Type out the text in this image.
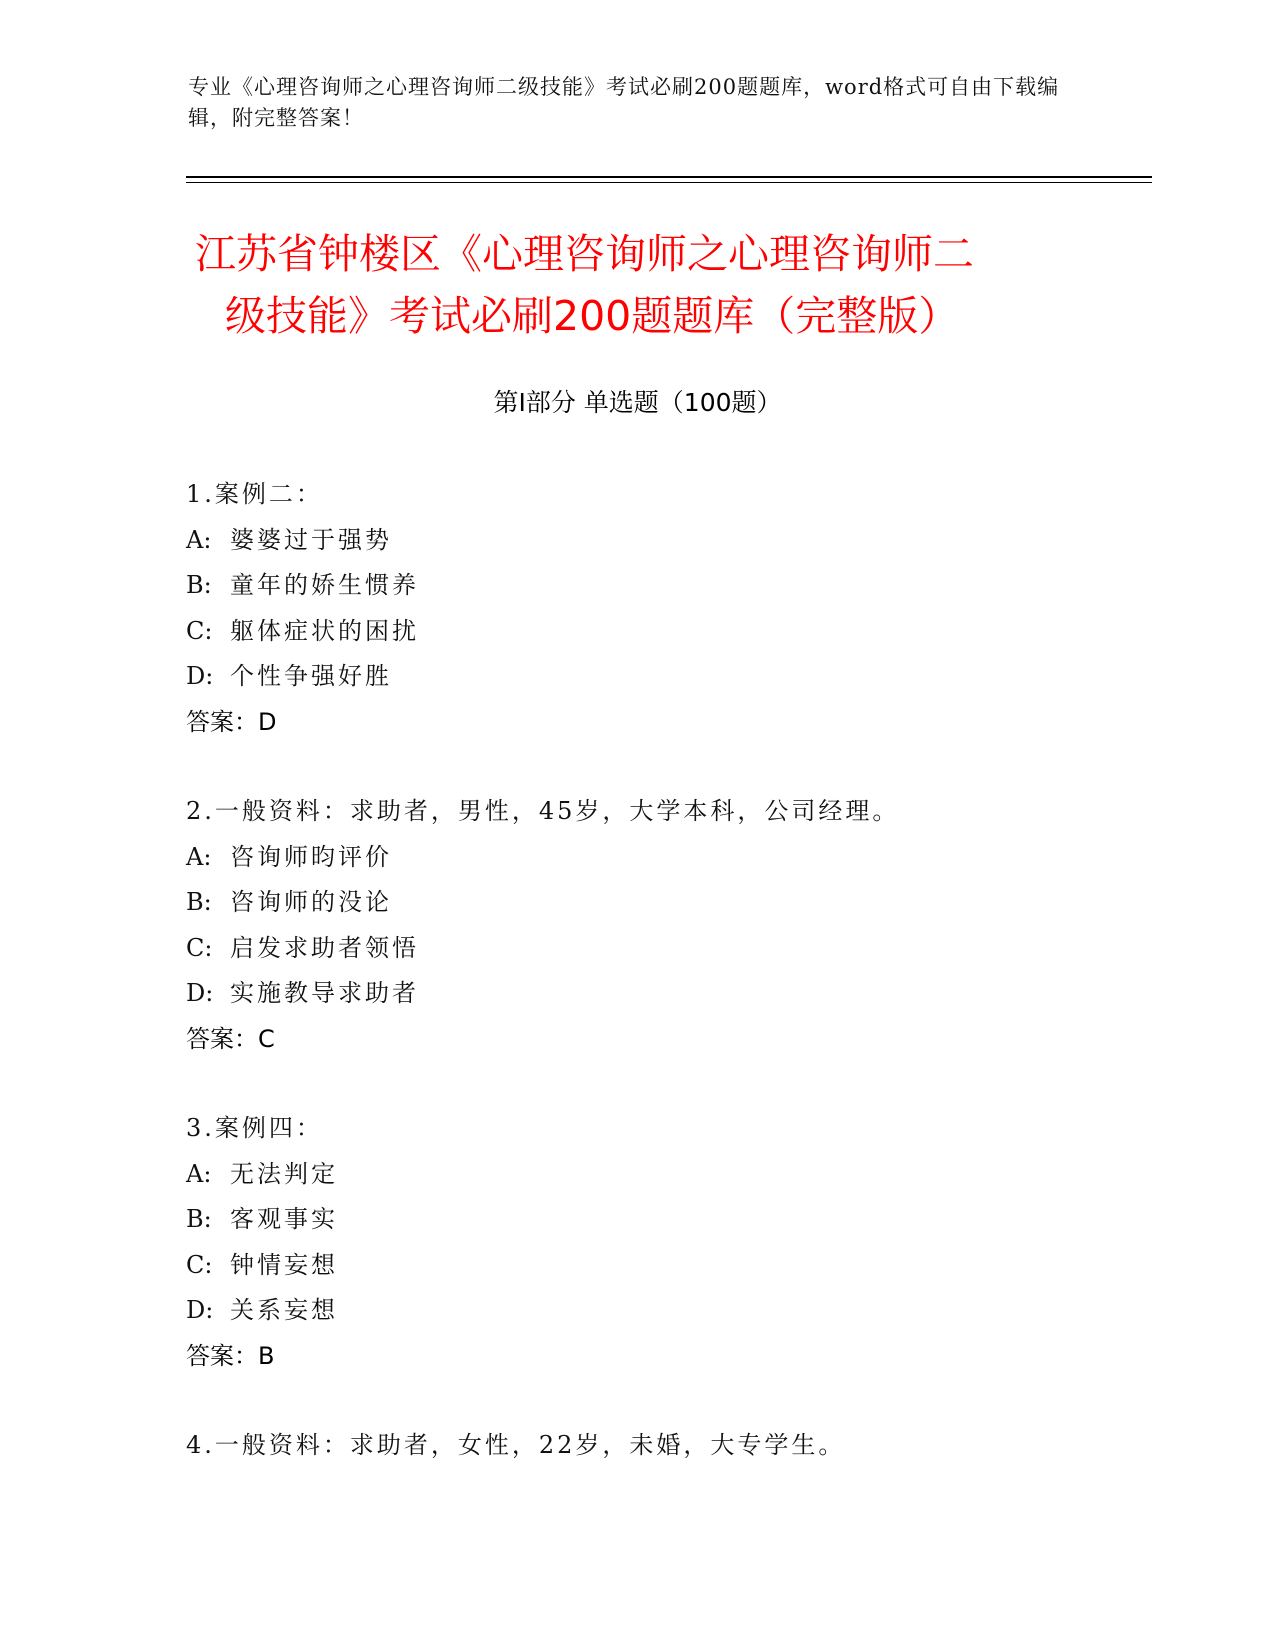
专业《心理咨询师之心理咨询师二级技能》考试必刷200题题库，word格式可自由下载编辑，附完整答案！
江苏省钟楼区《心理咨询师之心理咨询师二
级技能》考试必刷200题题库（完整版）
第Ⅰ部分 单选题（100题）
1.案例二：
A: 婆婆过于强势
B: 童年的娇生惯养
C: 躯体症状的困扰
D: 个性争强好胜
答案：D
2.一般资料：求助者，男性，45岁，大学本科，公司经理。
A: 咨询师昀评价
B: 咨询师的没论
C: 启发求助者领悟
D: 实施教导求助者
答案：C
3.案例四：
A: 无法判定
B: 客观事实
C: 钟情妄想
D: 关系妄想
答案：B
4.一般资料：求助者，女性，22岁，未婚，大专学生。
